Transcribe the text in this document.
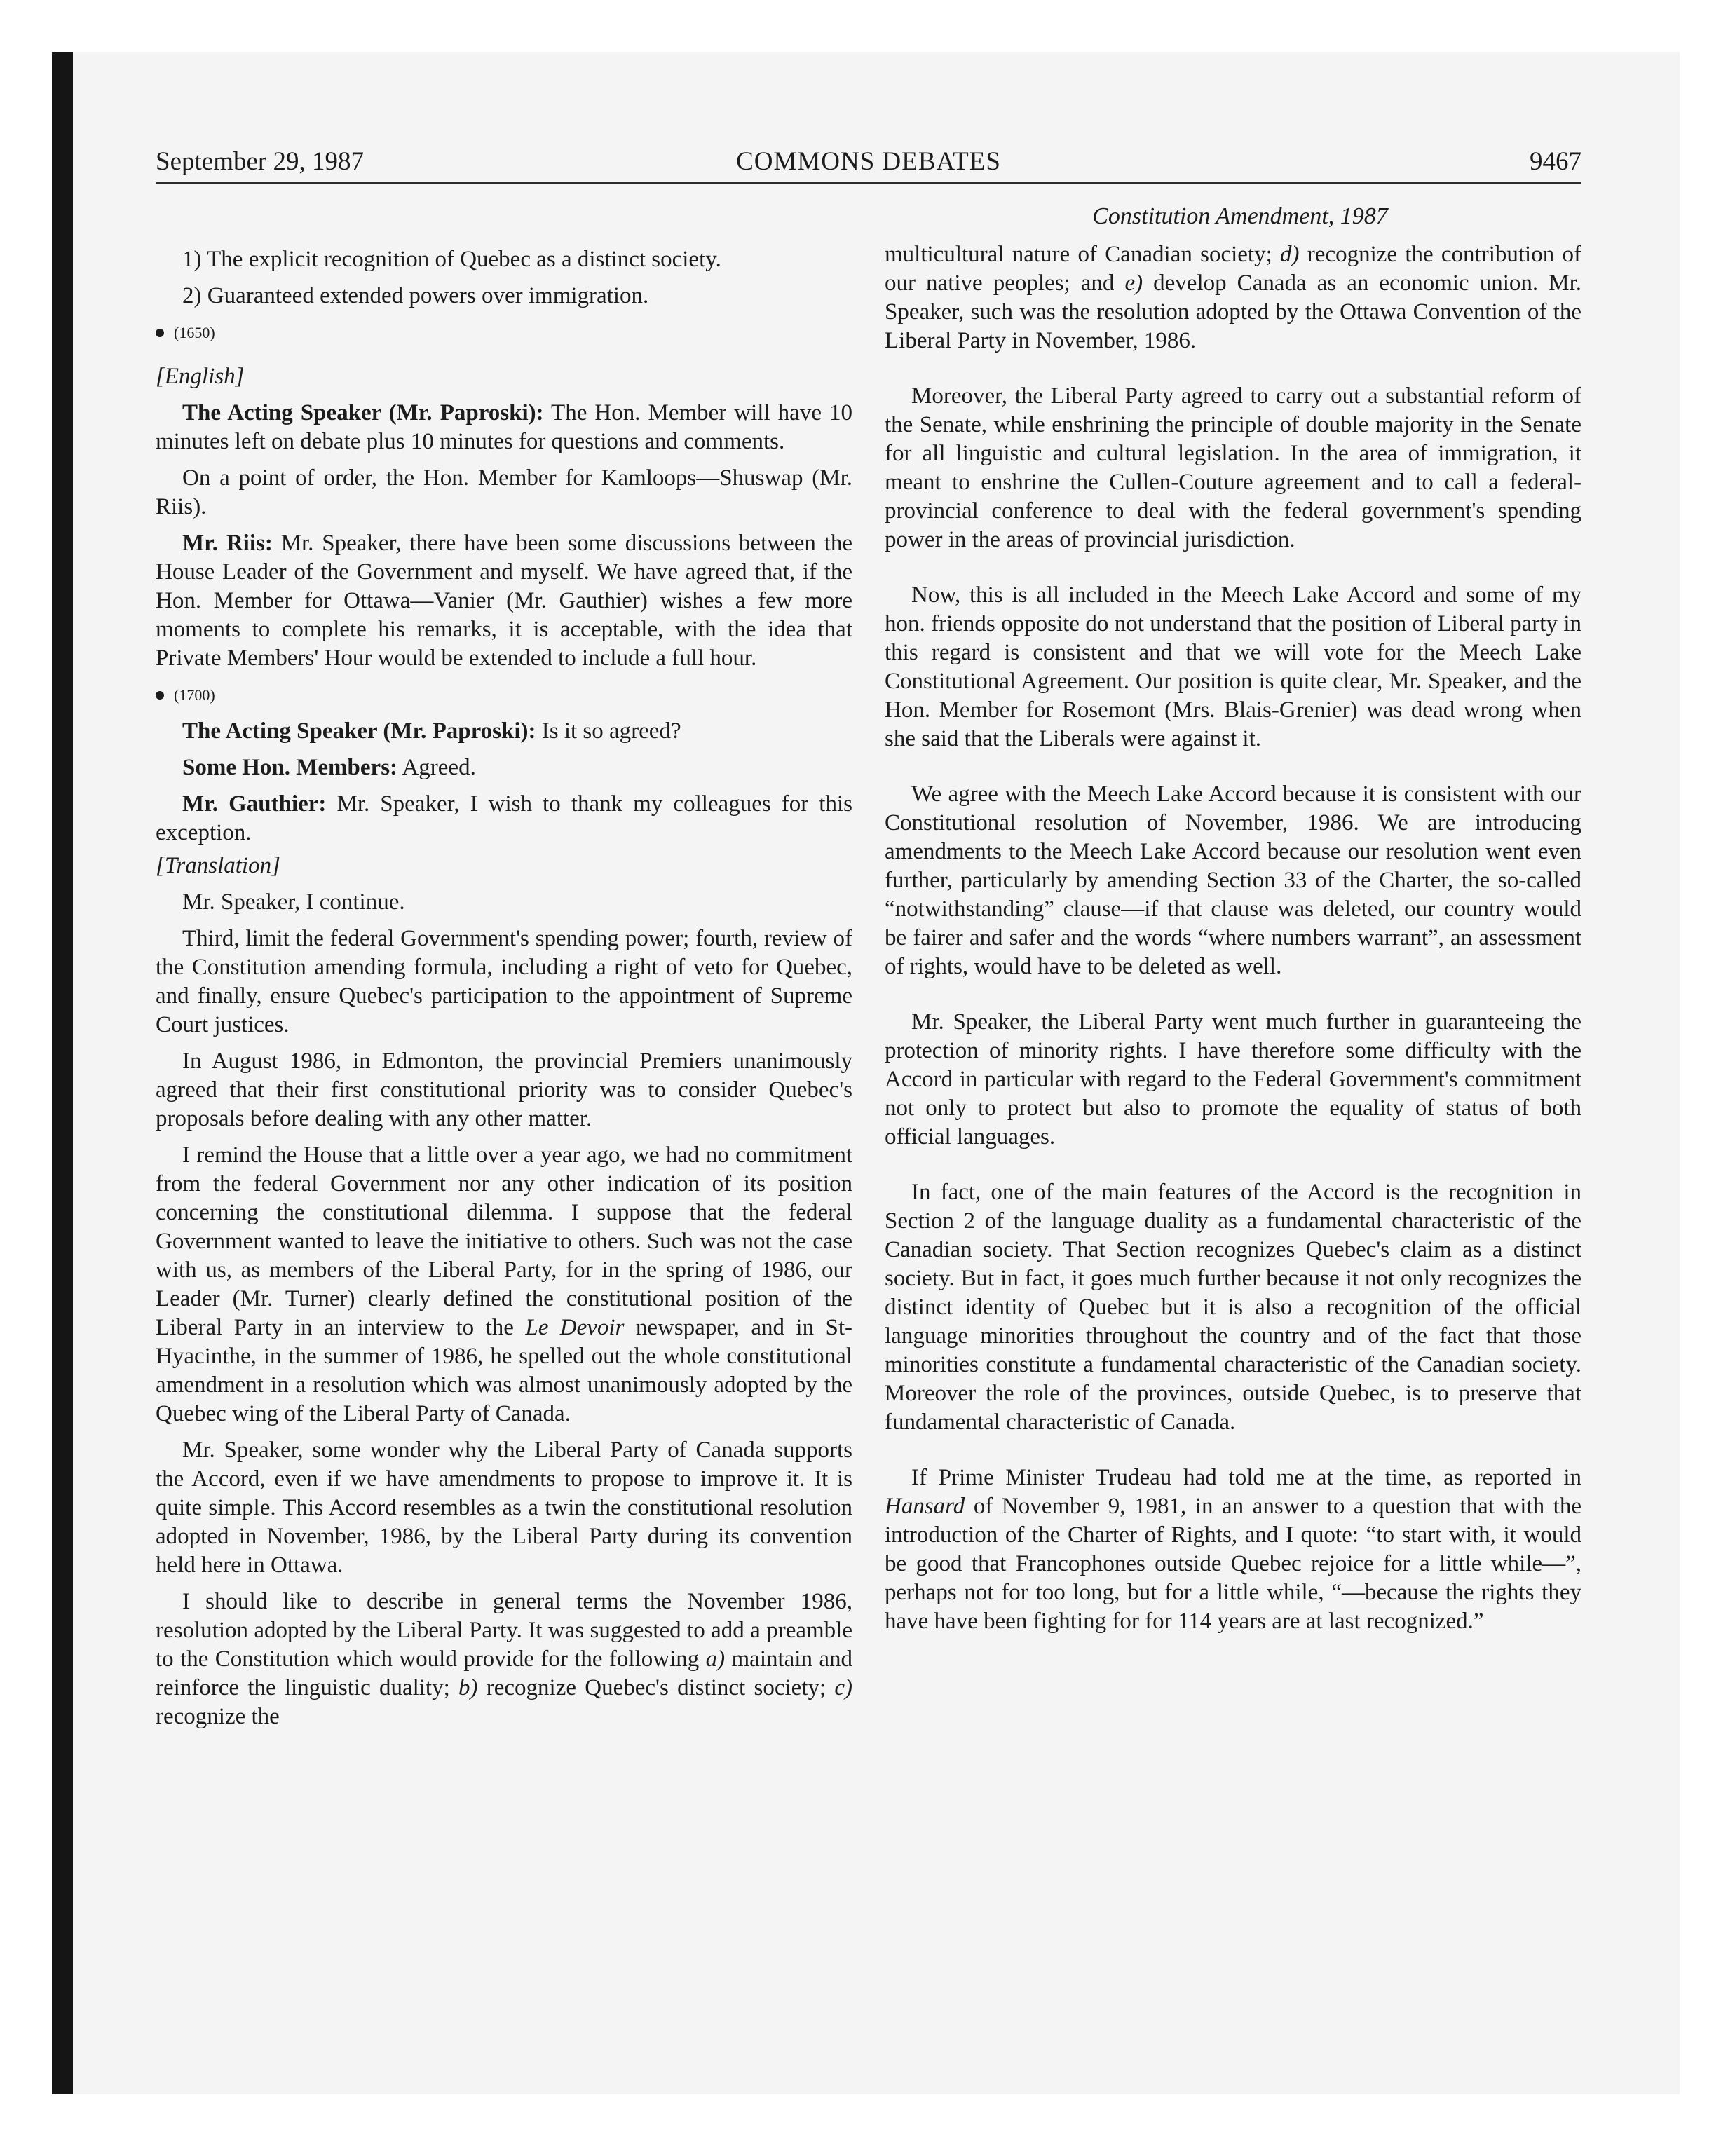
September 29, 1987	COMMONS DEBATES	9467

1) The explicit recognition of Quebec as a distinct society.

2) Guaranteed extended powers over immigration.

(1650)

[English]

The Acting Speaker (Mr. Paproski): The Hon. Member will have 10 minutes left on debate plus 10 minutes for questions and comments.

On a point of order, the Hon. Member for Kamloops—Shuswap (Mr. Riis).

Mr. Riis: Mr. Speaker, there have been some discussions between the House Leader of the Government and myself. We have agreed that, if the Hon. Member for Ottawa—Vanier (Mr. Gauthier) wishes a few more moments to complete his remarks, it is acceptable, with the idea that Private Members' Hour would be extended to include a full hour.

(1700)

The Acting Speaker (Mr. Paproski): Is it so agreed?

Some Hon. Members: Agreed.

Mr. Gauthier: Mr. Speaker, I wish to thank my colleagues for this exception.

[Translation]

Mr. Speaker, I continue.

Third, limit the federal Government's spending power; fourth, review of the Constitution amending formula, including a right of veto for Quebec, and finally, ensure Quebec's participation to the appointment of Supreme Court justices.

In August 1986, in Edmonton, the provincial Premiers unanimously agreed that their first constitutional priority was to consider Quebec's proposals before dealing with any other matter.

I remind the House that a little over a year ago, we had no commitment from the federal Government nor any other indication of its position concerning the constitutional dilemma. I suppose that the federal Government wanted to leave the initiative to others. Such was not the case with us, as members of the Liberal Party, for in the spring of 1986, our Leader (Mr. Turner) clearly defined the constitutional position of the Liberal Party in an interview to the Le Devoir newspaper, and in St-Hyacinthe, in the summer of 1986, he spelled out the whole constitutional amendment in a resolution which was almost unanimously adopted by the Quebec wing of the Liberal Party of Canada.

Mr. Speaker, some wonder why the Liberal Party of Canada supports the Accord, even if we have amendments to propose to improve it. It is quite simple. This Accord resembles as a twin the constitutional resolution adopted in November, 1986, by the Liberal Party during its convention held here in Ottawa.

I should like to describe in general terms the November 1986, resolution adopted by the Liberal Party. It was suggested to add a preamble to the Constitution which would provide for the following a) maintain and reinforce the linguistic duality; b) recognize Quebec's distinct society; c) recognize the

Constitution Amendment, 1987

multicultural nature of Canadian society; d) recognize the contribution of our native peoples; and e) develop Canada as an economic union. Mr. Speaker, such was the resolution adopted by the Ottawa Convention of the Liberal Party in November, 1986.

Moreover, the Liberal Party agreed to carry out a substantial reform of the Senate, while enshrining the principle of double majority in the Senate for all linguistic and cultural legislation. In the area of immigration, it meant to enshrine the Cullen-Couture agreement and to call a federal-provincial conference to deal with the federal government's spending power in the areas of provincial jurisdiction.

Now, this is all included in the Meech Lake Accord and some of my hon. friends opposite do not understand that the position of Liberal party in this regard is consistent and that we will vote for the Meech Lake Constitutional Agreement. Our position is quite clear, Mr. Speaker, and the Hon. Member for Rosemont (Mrs. Blais-Grenier) was dead wrong when she said that the Liberals were against it.

We agree with the Meech Lake Accord because it is consistent with our Constitutional resolution of November, 1986. We are introducing amendments to the Meech Lake Accord because our resolution went even further, particularly by amending Section 33 of the Charter, the so-called “notwithstanding” clause—if that clause was deleted, our country would be fairer and safer and the words “where numbers warrant”, an assessment of rights, would have to be deleted as well.

Mr. Speaker, the Liberal Party went much further in guaranteeing the protection of minority rights. I have therefore some difficulty with the Accord in particular with regard to the Federal Government's commitment not only to protect but also to promote the equality of status of both official languages.

In fact, one of the main features of the Accord is the recognition in Section 2 of the language duality as a fundamental characteristic of the Canadian society. That Section recognizes Quebec's claim as a distinct society. But in fact, it goes much further because it not only recognizes the distinct identity of Quebec but it is also a recognition of the official language minorities throughout the country and of the fact that those minorities constitute a fundamental characteristic of the Canadian society. Moreover the role of the provinces, outside Quebec, is to preserve that fundamental characteristic of Canada.

If Prime Minister Trudeau had told me at the time, as reported in Hansard of November 9, 1981, in an answer to a question that with the introduction of the Charter of Rights, and I quote: “to start with, it would be good that Francophones outside Quebec rejoice for a little while—”, perhaps not for too long, but for a little while, “—because the rights they have have been fighting for for 114 years are at last recognized.”
